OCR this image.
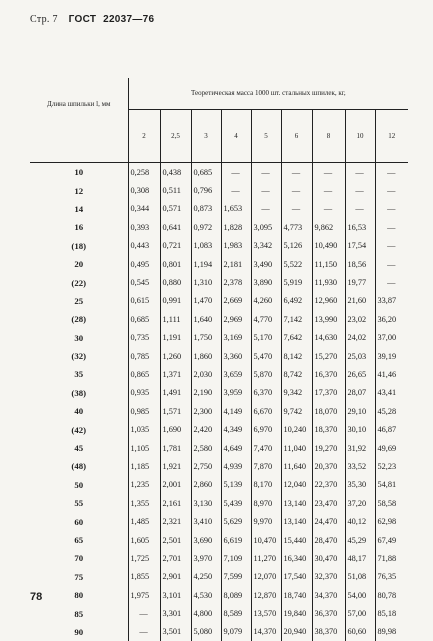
Стр. 7 ГОСТ 22037—76
Длина шпильки l, мм	Теоретическая масса 1000 шт. стальных шпилек, кг,								
	2	2,5	3	4	5	6	8	10	12
10	0,258	0,438	0,685	—	—	—	—	—	—
12	0,308	0,511	0,796	—	—	—	—	—	—
14	0,344	0,571	0,873	1,653	—	—	—	—	—
16	0,393	0,641	0,972	1,828	3,095	4,773	9,862	16,53	—
(18)	0,443	0,721	1,083	1,983	3,342	5,126	10,490	17,54	—
20	0,495	0,801	1,194	2,181	3,490	5,522	11,150	18,56	—
(22)	0,545	0,880	1,310	2,378	3,890	5,919	11,930	19,77	—
25	0,615	0,991	1,470	2,669	4,260	6,492	12,960	21,60	33,87
(28)	0,685	1,111	1,640	2,969	4,770	7,142	13,990	23,02	36,20
30	0,735	1,191	1,750	3,169	5,170	7,642	14,630	24,02	37,00
(32)	0,785	1,260	1,860	3,360	5,470	8,142	15,270	25,03	39,19
35	0,865	1,371	2,030	3,659	5,870	8,742	16,370	26,65	41,46
(38)	0,935	1,491	2,190	3,959	6,370	9,342	17,370	28,07	43,41
40	0,985	1,571	2,300	4,149	6,670	9,742	18,070	29,10	45,28
(42)	1,035	1,690	2,420	4,349	6,970	10,240	18,370	30,10	46,87
45	1,105	1,781	2,580	4,649	7,470	11,040	19,270	31,92	49,69
(48)	1,185	1,921	2,750	4,939	7,870	11,640	20,370	33,52	52,23
50	1,235	2,001	2,860	5,139	8,170	12,040	22,370	35,30	54,81
55	1,355	2,161	3,130	5,439	8,970	13,140	23,470	37,20	58,58
60	1,485	2,321	3,410	5,629	9,970	13,140	24,470	40,12	62,98
65	1,605	2,501	3,690	6,619	10,470	15,440	28,470	45,29	67,49
70	1,725	2,701	3,970	7,109	11,270	16,340	30,470	48,17	71,88
75	1,855	2,901	4,250	7,599	12,070	17,540	32,370	51,08	76,35
80	1,975	3,101	4,530	8,089	12,870	18,740	34,370	54,00	80,78
85	—	3,301	4,800	8,589	13,570	19,840	36,370	57,00	85,18
90	—	3,501	5,080	9,079	14,370	20,940	38,370	60,60	89,98
78
